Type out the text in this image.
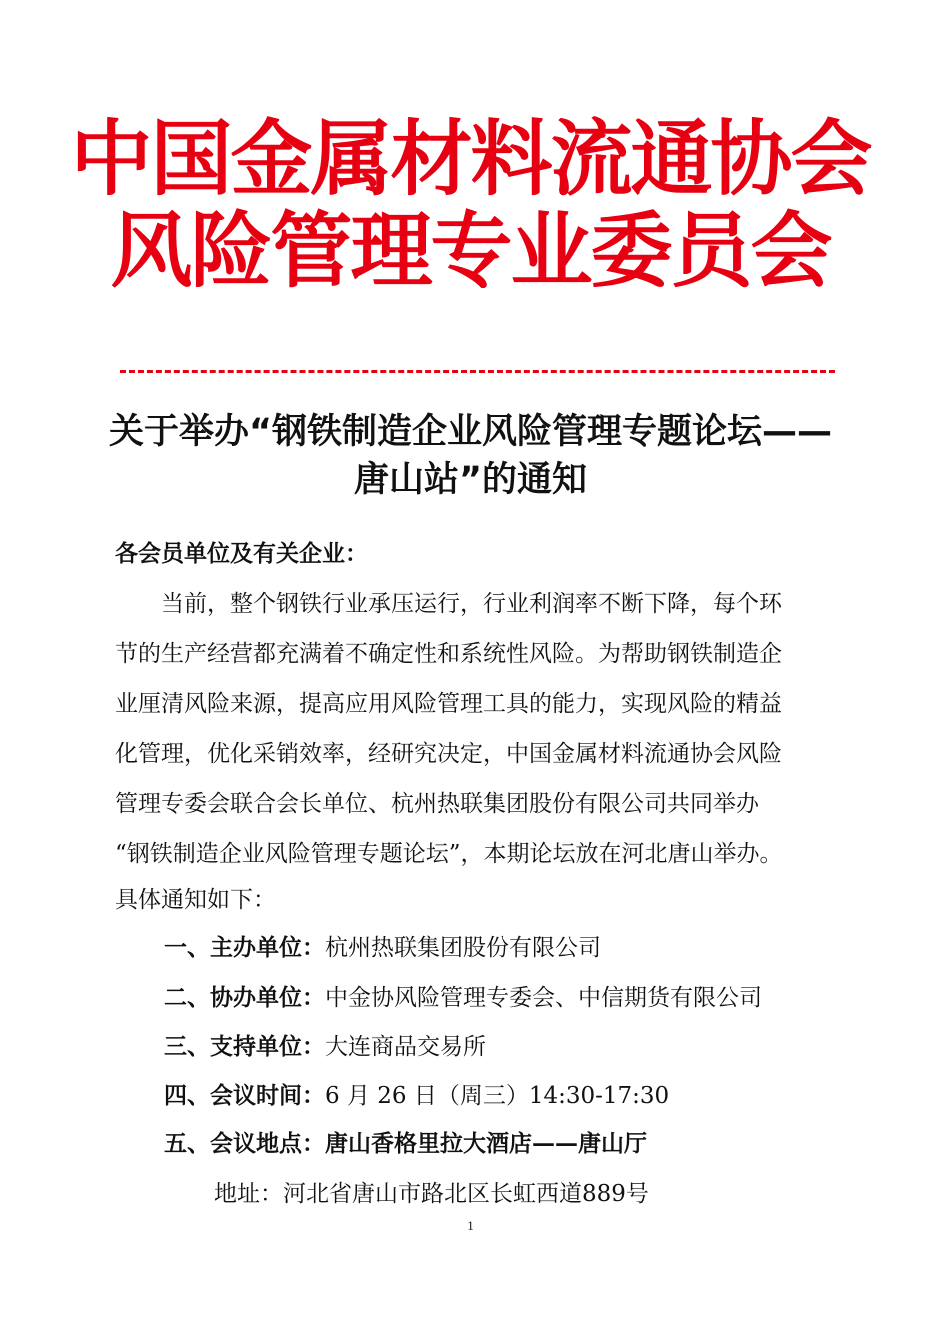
中国金属材料流通协会
风险管理专业委员会
关于举办“钢铁制造企业风险管理专题论坛——
唐山站”的通知
各会员单位及有关企业：
　　当前，整个钢铁行业承压运行，行业利润率不断下降，每个环
节的生产经营都充满着不确定性和系统性风险。为帮助钢铁制造企
业厘清风险来源，提高应用风险管理工具的能力，实现风险的精益
化管理，优化采销效率，经研究决定，中国金属材料流通协会风险
管理专委会联合会长单位、杭州热联集团股份有限公司共同举办
“钢铁制造企业风险管理专题论坛”，本期论坛放在河北唐山举办。
具体通知如下：
一、主办单位：杭州热联集团股份有限公司
二、协办单位：中金协风险管理专委会、中信期货有限公司
三、支持单位：大连商品交易所
四、会议时间：6 月 26 日（周三）14:30-17:30
五、会议地点：唐山香格里拉大酒店——唐山厅
地址：河北省唐山市路北区长虹西道889号
1
